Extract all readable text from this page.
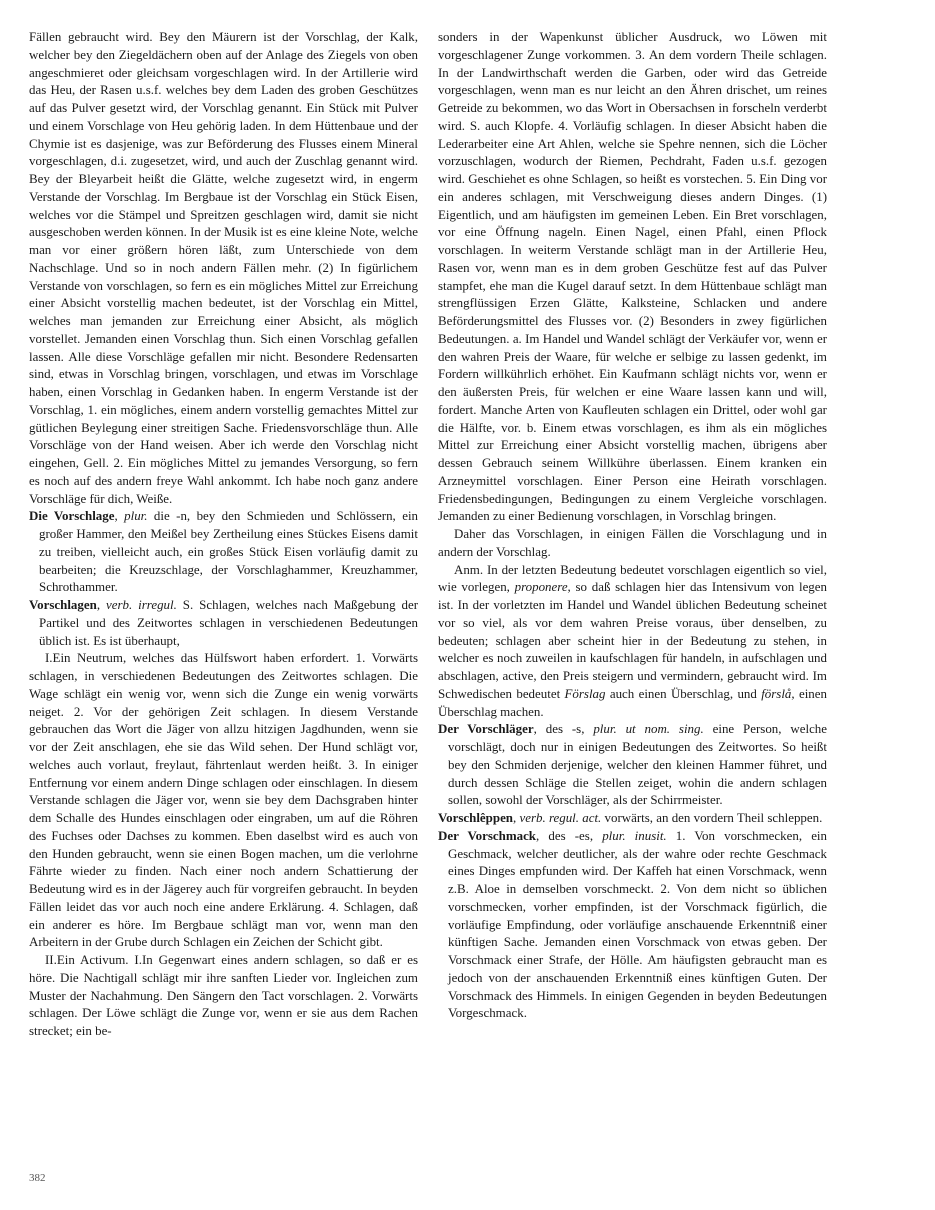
Fällen gebraucht wird. Bey den Mäurern ist der Vorschlag, der Kalk, welcher bey den Ziegeldächern oben auf der Anlage des Ziegels von oben angeschmieret oder gleichsam vorgeschlagen wird. In der Artillerie wird das Heu, der Rasen u.s.f. welches bey dem Laden des groben Geschützes auf das Pulver gesetzt wird, der Vorschlag genannt. Ein Stück mit Pulver und einem Vorschlage von Heu gehörig laden. In dem Hüttenbaue und der Chymie ist es dasjenige, was zur Beförderung des Flusses einem Mineral vorgeschlagen, d.i. zugesetzet, wird, und auch der Zuschlag genannt wird. Bey der Bleyarbeit heißt die Glätte, welche zugesetzt wird, in engerm Verstande der Vorschlag. Im Bergbaue ist der Vorschlag ein Stück Eisen, welches vor die Stämpel und Spreitzen geschlagen wird, damit sie nicht ausgeschoben werden können. In der Musik ist es eine kleine Note, welche man vor einer größern hören läßt, zum Unterschiede von dem Nachschlage. Und so in noch andern Fällen mehr. (2) In figürlichem Verstande von vorschlagen, so fern es ein mögliches Mittel zur Erreichung einer Absicht vorstellig machen bedeutet, ist der Vorschlag ein Mittel, welches man jemanden zur Erreichung einer Absicht, als möglich vorstellet. Jemanden einen Vorschlag thun. Sich einen Vorschlag gefallen lassen. Alle diese Vorschläge gefallen mir nicht. Besondere Redensarten sind, etwas in Vorschlag bringen, vorschlagen, und etwas im Vorschlage haben, einen Vorschlag in Gedanken haben. In engerm Verstande ist der Vorschlag, 1. ein mögliches, einem andern vorstellig gemachtes Mittel zur gütlichen Beylegung einer streitigen Sache. Friedensvorschläge thun. Alle Vorschläge von der Hand weisen. Aber ich werde den Vorschlag nicht eingehen, Gell. 2. Ein mögliches Mittel zu jemandes Versorgung, so fern es noch auf des andern freye Wahl ankommt. Ich habe noch ganz andere Vorschläge für dich, Weiße.

Die Vorschlage, plur. die -n, bey den Schmieden und Schlössern, ein großer Hammer, den Meißel bey Zertheilung eines Stückes Eisens damit zu treiben, vielleicht auch, ein großes Stück Eisen vorläufig damit zu bearbeiten; die Kreuzschlage, der Vorschlaghammer, Kreuzhammer, Schrothammer.

Vorschlagen, verb. irregul. S. Schlagen, welches nach Maßgebung der Partikel und des Zeitwortes schlagen in verschiedenen Bedeutungen üblich ist. Es ist überhaupt,

I.Ein Neutrum, welches das Hülfswort haben erfordert. 1. Vorwärts schlagen, in verschiedenen Bedeutungen des Zeitwortes schlagen. Die Wage schlägt ein wenig vor, wenn sich die Zunge ein wenig vorwärts neiget. 2. Vor der gehörigen Zeit schlagen. In diesem Verstande gebrauchen das Wort die Jäger von allzu hitzigen Jagdhunden, wenn sie vor der Zeit anschlagen, ehe sie das Wild sehen. Der Hund schlägt vor, welches auch vorlaut, freylaut, fährtenlaut werden heißt. 3. In einiger Entfernung vor einem andern Dinge schlagen oder einschlagen. In diesem Verstande schlagen die Jäger vor, wenn sie bey dem Dachsgraben hinter dem Schalle des Hundes einschlagen oder eingraben, um auf die Röhren des Fuchses oder Dachses zu kommen. Eben daselbst wird es auch von den Hunden gebraucht, wenn sie einen Bogen machen, um die verlohrne Fährte wieder zu finden. Nach einer noch andern Schattierung der Bedeutung wird es in der Jägerey auch für vorgreifen gebraucht. In beyden Fällen leidet das vor auch noch eine andere Erklärung. 4. Schlagen, daß ein anderer es höre. Im Bergbaue schlägt man vor, wenn man den Arbeitern in der Grube durch Schlagen ein Zeichen der Schicht gibt.

II.Ein Activum. I.In Gegenwart eines andern schlagen, so daß er es höre. Die Nachtigall schlägt mir ihre sanften Lieder vor. Ingleichen zum Muster der Nachahmung. Den Sängern den Tact vorschlagen. 2. Vorwärts schlagen. Der Löwe schlägt die Zunge vor, wenn er sie aus dem Rachen strecket; ein be-

sonders in der Wapenkunst üblicher Ausdruck, wo Löwen mit vorgeschlagener Zunge vorkommen. 3. An dem vordern Theile schlagen. In der Landwirthschaft werden die Garben, oder wird das Getreide vorgeschlagen, wenn man es nur leicht an den Ähren drischet, um reines Getreide zu bekommen, wo das Wort in Obersachsen in forscheln verderbt wird. S. auch Klopfe. 4. Vorläufig schlagen. In dieser Absicht haben die Lederarbeiter eine Art Ahlen, welche sie Spehre nennen, sich die Löcher vorzuschlagen, wodurch der Riemen, Pechdraht, Faden u.s.f. gezogen wird. Geschiehet es ohne Schlagen, so heißt es vorstechen. 5. Ein Ding vor ein anderes schlagen, mit Verschweigung dieses andern Dinges. (1) Eigentlich, und am häufigsten im gemeinen Leben. Ein Bret vorschlagen, vor eine Öffnung nageln. Einen Nagel, einen Pfahl, einen Pflock vorschlagen. In weiterm Verstande schlägt man in der Artillerie Heu, Rasen vor, wenn man es in dem groben Geschütze fest auf das Pulver stampfet, ehe man die Kugel darauf setzt. In dem Hüttenbaue schlägt man strengflüssigen Erzen Glätte, Kalksteine, Schlacken und andere Beförderungsmittel des Flusses vor. (2) Besonders in zwey figürlichen Bedeutungen. a. Im Handel und Wandel schlägt der Verkäufer vor, wenn er den wahren Preis der Waare, für welche er selbige zu lassen gedenkt, im Fordern willkührlich erhöhet. Ein Kaufmann schlägt nichts vor, wenn er den äußersten Preis, für welchen er eine Waare lassen kann und will, fordert. Manche Arten von Kaufleuten schlagen ein Drittel, oder wohl gar die Hälfte, vor. b. Einem etwas vorschlagen, es ihm als ein mögliches Mittel zur Erreichung einer Absicht vorstellig machen, übrigens aber dessen Gebrauch seinem Willkühre überlassen. Einem kranken ein Arzneymittel vorschlagen. Einer Person eine Heirath vorschlagen. Friedensbedingungen, Bedingungen zu einem Vergleiche vorschlagen. Jemanden zu einer Bedienung vorschlagen, in Vorschlag bringen.

Daher das Vorschlagen, in einigen Fällen die Vorschlagung und in andern der Vorschlag.

Anm. In der letzten Bedeutung bedeutet vorschlagen eigentlich so viel, wie vorlegen, proponere, so daß schlagen hier das Intensivum von legen ist. In der vorletzten im Handel und Wandel üblichen Bedeutung scheinet vor so viel, als vor dem wahren Preise voraus, über denselben, zu bedeuten; schlagen aber scheint hier in der Bedeutung zu stehen, in welcher es noch zuweilen in kaufschlagen für handeln, in aufschlagen und abschlagen, active, den Preis steigern und vermindern, gebraucht wird. Im Schwedischen bedeutet Förslag auch einen Überschlag, und förslå, einen Überschlag machen.

Der Vorschläger, des -s, plur. ut nom. sing. eine Person, welche vorschlägt, doch nur in einigen Bedeutungen des Zeitwortes. So heißt bey den Schmiden derjenige, welcher den kleinen Hammer führet, und durch dessen Schläge die Stellen zeiget, wohin die andern schlagen sollen, sowohl der Vorschläger, als der Schirrmeister.

Vorschlêppen, verb. regul. act. vorwärts, an den vordern Theil schleppen.

Der Vorschmack, des -es, plur. inusit. 1. Von vorschmecken, ein Geschmack, welcher deutlicher, als der wahre oder rechte Geschmack eines Dinges empfunden wird. Der Kaffeh hat einen Vorschmack, wenn z.B. Aloe in demselben vorschmeckt. 2. Von dem nicht so üblichen vorschmecken, vorher empfinden, ist der Vorschmack figürlich, die vorläufige Empfindung, oder vorläufige anschauende Erkenntniß einer künftigen Sache. Jemanden einen Vorschmack von etwas geben. Der Vorschmack einer Strafe, der Hölle. Am häufigsten gebraucht man es jedoch von der anschauenden Erkenntniß eines künftigen Guten. Der Vorschmack des Himmels. In einigen Gegenden in beyden Bedeutungen Vorgeschmack.

382
